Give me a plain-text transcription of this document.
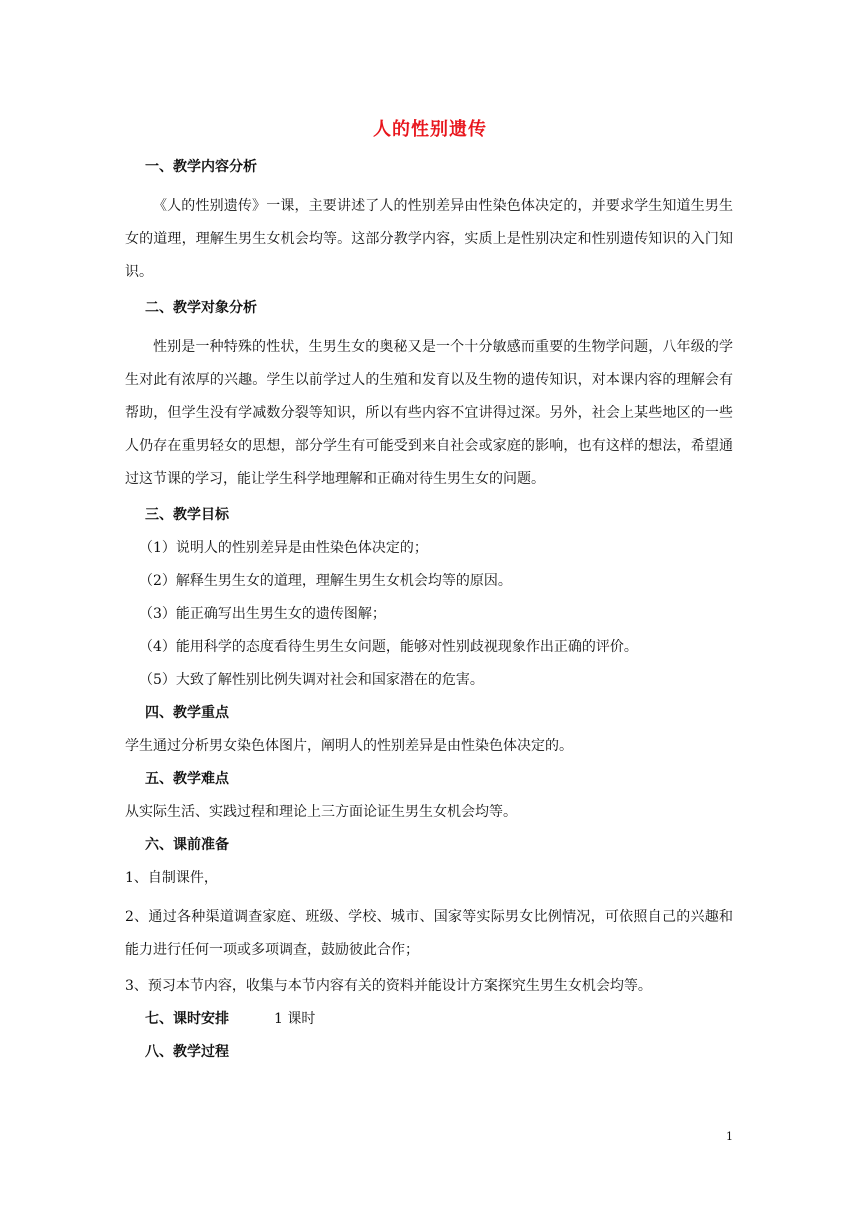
人的性别遗传
一、教学内容分析

《人的性别遗传》一课，主要讲述了人的性别差异由性染色体决定的，并要求学生知道生男生女的道理，理解生男生女机会均等。这部分教学内容，实质上是性别决定和性别遗传知识的入门知识。

二、教学对象分析

性别是一种特殊的性状，生男生女的奥秘又是一个十分敏感而重要的生物学问题，八年级的学生对此有浓厚的兴趣。学生以前学过人的生殖和发育以及生物的遗传知识，对本课内容的理解会有帮助，但学生没有学减数分裂等知识，所以有些内容不宜讲得过深。另外，社会上某些地区的一些人仍存在重男轻女的思想，部分学生有可能受到来自社会或家庭的影响，也有这样的想法，希望通过这节课的学习，能让学生科学地理解和正确对待生男生女的问题。

三、教学目标
（1）说明人的性别差异是由性染色体决定的；
（2）解释生男生女的道理，理解生男生女机会均等的原因。
（3）能正确写出生男生女的遗传图解；
（4）能用科学的态度看待生男生女问题，能够对性别歧视现象作出正确的评价。
（5）大致了解性别比例失调对社会和国家潜在的危害。
四、教学重点
学生通过分析男女染色体图片，阐明人的性别差异是由性染色体决定的。
五、教学难点
从实际生活、实践过程和理论上三方面论证生男生女机会均等。
六、课前准备
1、自制课件，

2、通过各种渠道调查家庭、班级、学校、城市、国家等实际男女比例情况，可依照自己的兴趣和能力进行任何一项或多项调查，鼓励彼此合作；

3、预习本节内容，收集与本节内容有关的资料并能设计方案探究生男生女机会均等。
七、课时安排	1 课时
八、教学过程
1
